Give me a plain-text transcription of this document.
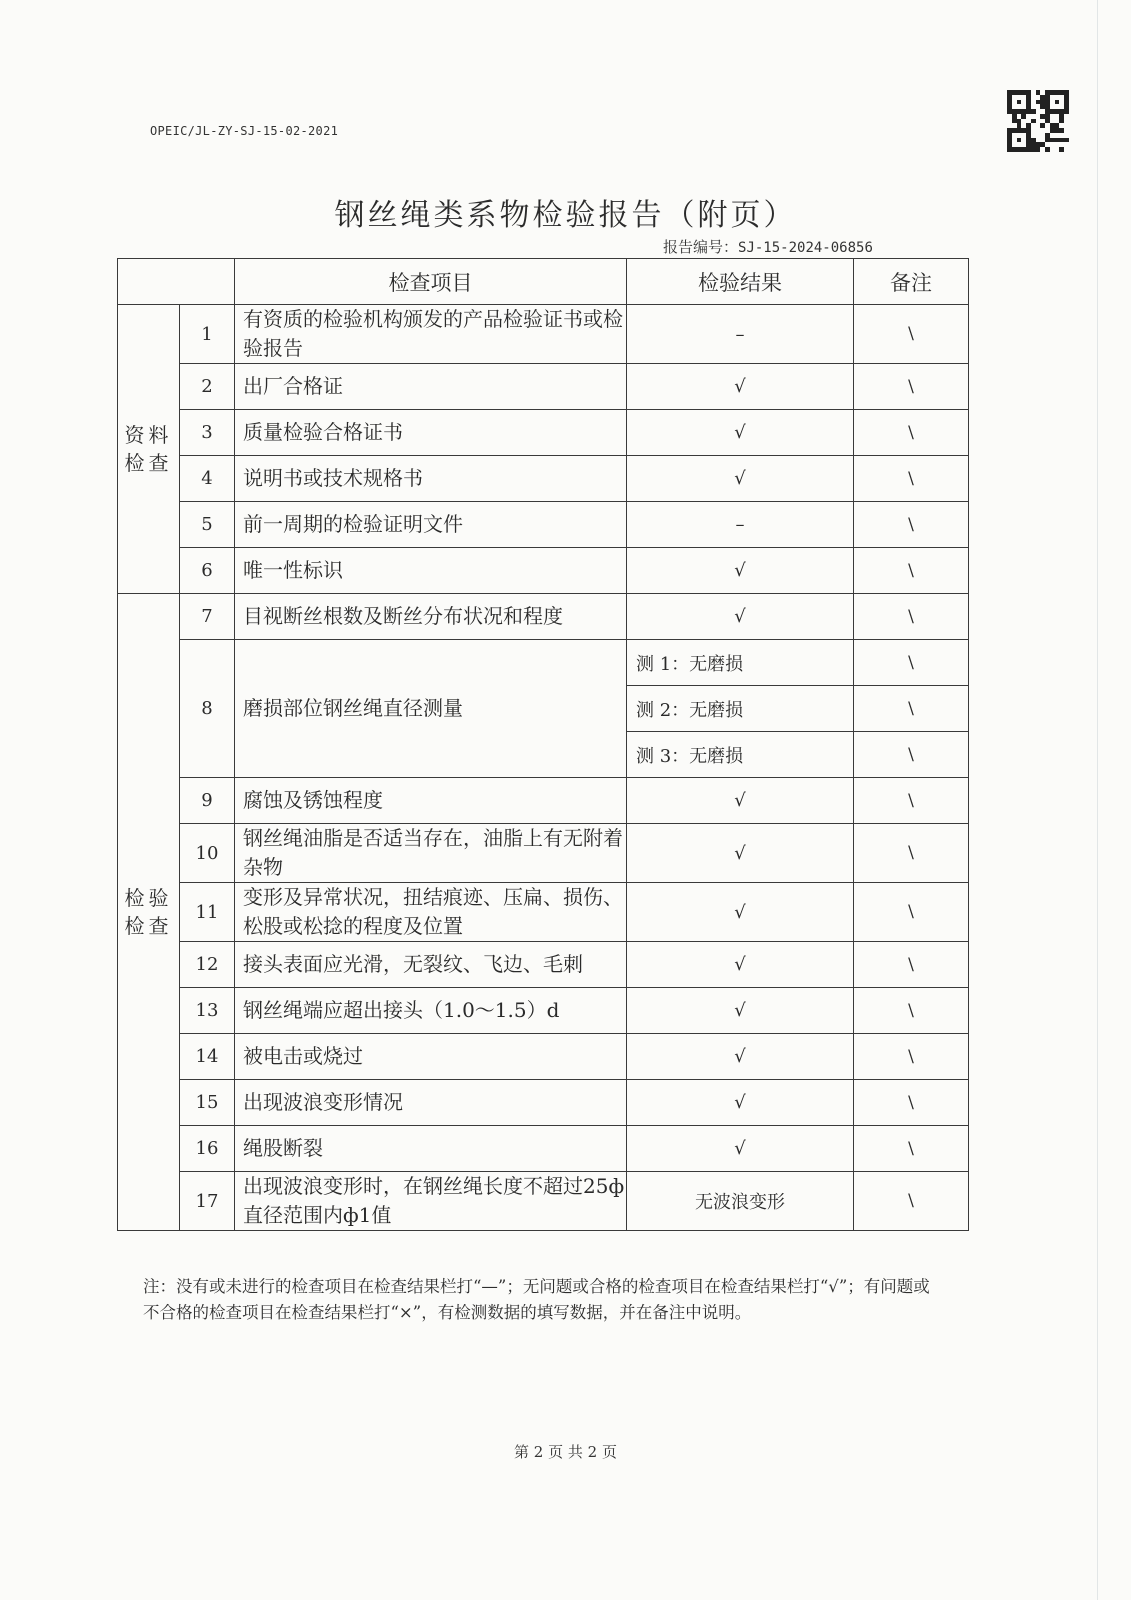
OPEIC/JL-ZY-SJ-15-02-2021
钢丝绳类系物检验报告（附页）
报告编号：SJ-15-2024-06856
		检查项目	检验结果	备注
资料检查	1	有资质的检验机构颁发的产品检验证书或检验报告	–	\
	2	出厂合格证	√	\
	3	质量检验合格证书	√	\
	4	说明书或技术规格书	√	\
	5	前一周期的检验证明文件	–	\
	6	唯一性标识	√	\
检验检查	7	目视断丝根数及断丝分布状况和程度	√	\
	8	磨损部位钢丝绳直径测量	测 1：无磨损	\
			测 2：无磨损	\
			测 3：无磨损	\
	9	腐蚀及锈蚀程度	√	\
	10	钢丝绳油脂是否适当存在，油脂上有无附着杂物	√	\
	11	变形及异常状况，扭结痕迹、压扁、损伤、松股或松捻的程度及位置	√	\
	12	接头表面应光滑，无裂纹、飞边、毛刺	√	\
	13	钢丝绳端应超出接头（1.0～1.5）d	√	\
	14	被电击或烧过	√	\
	15	出现波浪变形情况	√	\
	16	绳股断裂	√	\
	17	出现波浪变形时，在钢丝绳长度不超过25ф直径范围内ф1值	无波浪变形	\
注：没有或未进行的检查项目在检查结果栏打“—”；无问题或合格的检查项目在检查结果栏打“√”；有问题或不合格的检查项目在检查结果栏打“×”，有检测数据的填写数据，并在备注中说明。
第 2 页 共 2 页
